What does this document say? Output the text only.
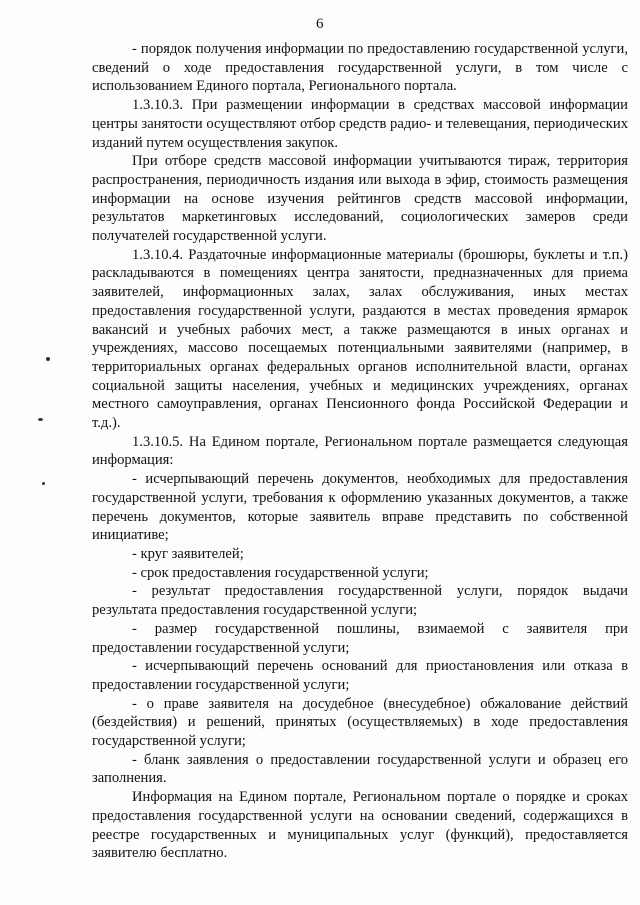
6

- порядок получения информации по предоставлению государственной услуги, сведений о ходе предоставления государственной услуги, в том числе с использованием Единого портала, Регионального портала.

1.3.10.3. При размещении информации в средствах массовой информации центры занятости осуществляют отбор средств радио- и телевещания, периодических изданий путем осуществления закупок.

При отборе средств массовой информации учитываются тираж, территория распространения, периодичность издания или выхода в эфир, стоимость размещения информации на основе изучения рейтингов средств массовой информации, результатов маркетинговых исследований, социологических замеров среди получателей государственной услуги.

1.3.10.4. Раздаточные информационные материалы (брошюры, буклеты и т.п.) раскладываются в помещениях центра занятости, предназначенных для приема заявителей, информационных залах, залах обслуживания, иных местах предоставления государственной услуги, раздаются в местах проведения ярмарок вакансий и учебных рабочих мест, а также размещаются в иных органах и учреждениях, массово посещаемых потенциальными заявителями (например, в территориальных органах федеральных органов исполнительной власти, органах социальной защиты населения, учебных и медицинских учреждениях, органах местного самоуправления, органах Пенсионного фонда Российской Федерации и т.д.).

1.3.10.5. На Едином портале, Региональном портале размещается следующая информация:

- исчерпывающий перечень документов, необходимых для предоставления государственной услуги, требования к оформлению указанных документов, а также перечень документов, которые заявитель вправе представить по собственной инициативе;

- круг заявителей;

- срок предоставления государственной услуги;

- результат предоставления государственной услуги, порядок выдачи результата предоставления государственной услуги;

- размер государственной пошлины, взимаемой с заявителя при предоставлении государственной услуги;

- исчерпывающий перечень оснований для приостановления или отказа в предоставлении государственной услуги;

- о праве заявителя на досудебное (внесудебное) обжалование действий (бездействия) и решений, принятых (осуществляемых) в ходе предоставления государственной услуги;

- бланк заявления о предоставлении государственной услуги и образец его заполнения.

Информация на Едином портале, Региональном портале о порядке и сроках предоставления государственной услуги на основании сведений, содержащихся в реестре государственных и муниципальных услуг (функций), предоставляется заявителю бесплатно.
